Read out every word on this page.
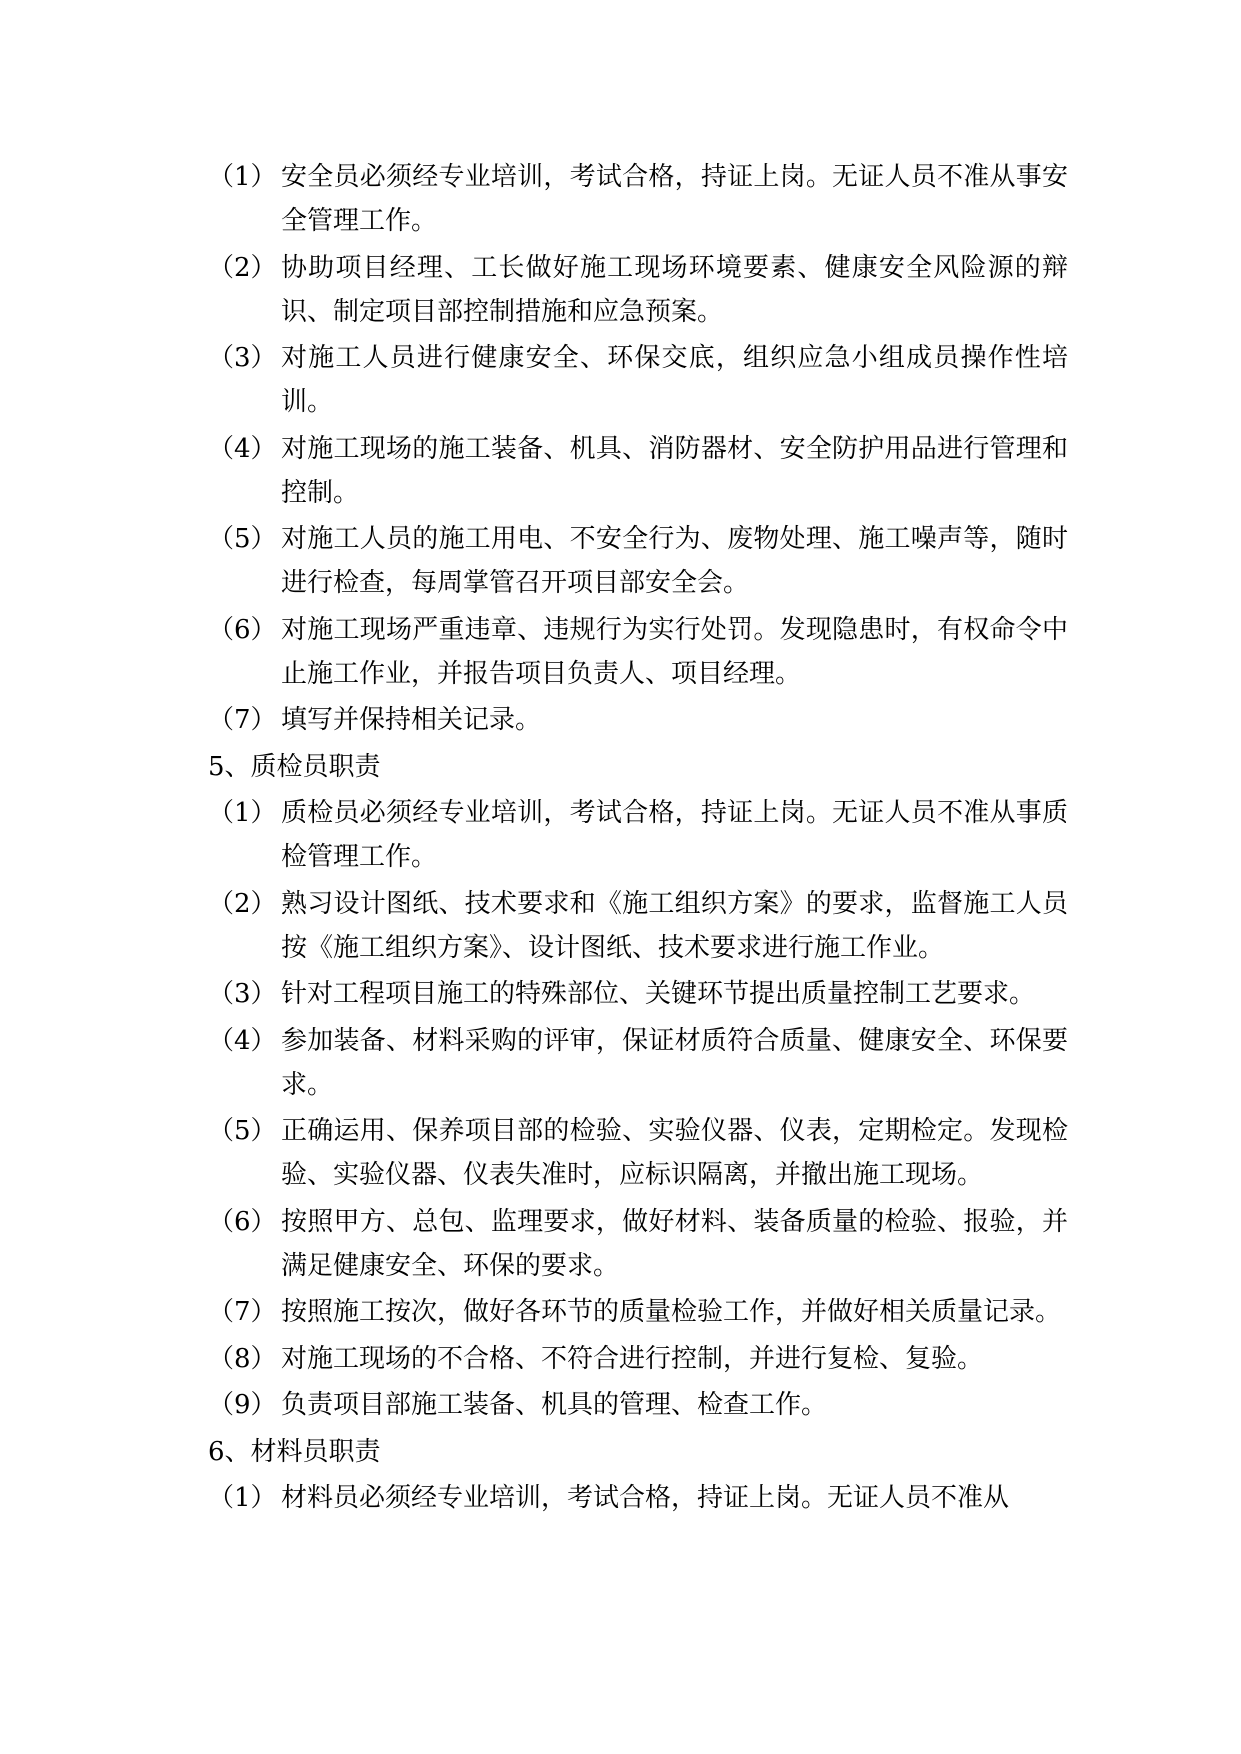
（1） 安全员必须经专业培训，考试合格，持证上岗。无证人员不准从事安全管理工作。
（2） 协助项目经理、工长做好施工现场环境要素、健康安全风险源的辩识、制定项目部控制措施和应急预案。
（3） 对施工人员进行健康安全、环保交底，组织应急小组成员操作性培训。
（4） 对施工现场的施工装备、机具、消防器材、安全防护用品进行管理和控制。
（5） 对施工人员的施工用电、不安全行为、废物处理、施工噪声等，随时进行检查，每周掌管召开项目部安全会。
（6） 对施工现场严重违章、违规行为实行处罚。发现隐患时，有权命令中止施工作业，并报告项目负责人、项目经理。
（7） 填写并保持相关记录。
5、质检员职责
（1） 质检员必须经专业培训，考试合格，持证上岗。无证人员不准从事质检管理工作。
（2） 熟习设计图纸、技术要求和《施工组织方案》的要求，监督施工人员按《施工组织方案》、设计图纸、技术要求进行施工作业。
（3） 针对工程项目施工的特殊部位、关键环节提出质量控制工艺要求。
（4） 参加装备、材料采购的评审，保证材质符合质量、健康安全、环保要求。
（5） 正确运用、保养项目部的检验、实验仪器、仪表，定期检定。发现检验、实验仪器、仪表失准时，应标识隔离，并撤出施工现场。
（6） 按照甲方、总包、监理要求，做好材料、装备质量的检验、报验，并满足健康安全、环保的要求。
（7） 按照施工按次，做好各环节的质量检验工作，并做好相关质量记录。
（8） 对施工现场的不合格、不符合进行控制，并进行复检、复验。
（9） 负责项目部施工装备、机具的管理、检查工作。
6、材料员职责
（1） 材料员必须经专业培训，考试合格，持证上岗。无证人员不准从
